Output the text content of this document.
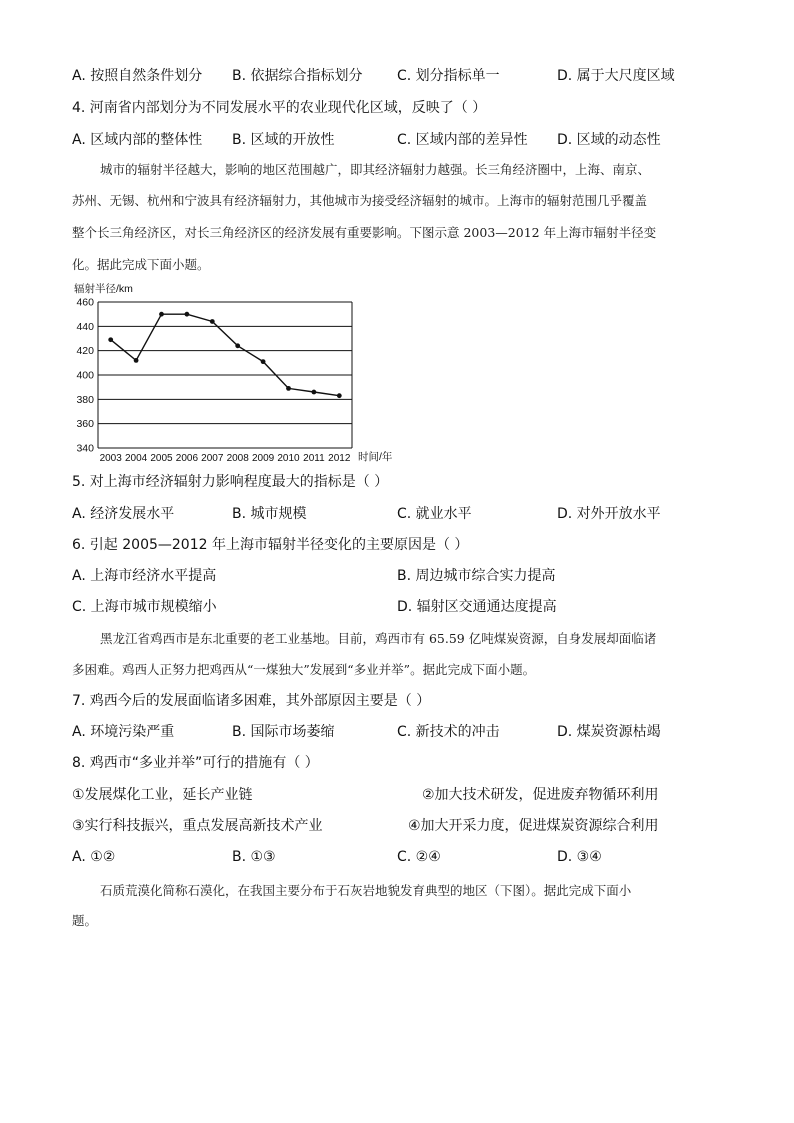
A. 按照自然条件划分 B. 依据综合指标划分 C. 划分指标单一	D. 属于大尺度区域
4. 河南省内部划分为不同发展水平的农业现代化区域，反映了（ ）
A. 区域内部的整体性 B. 区域的开放性	C. 区域内部的差异性 D. 区域的动态性
城市的辐射半径越大，影响的地区范围越广，即其经济辐射力越强。长三角经济圈中，上海、南京、
苏州、无锡、杭州和宁波具有经济辐射力，其他城市为接受经济辐射的城市。上海市的辐射范围几乎覆盖
整个长三角经济区，对长三角经济区的经济发展有重要影响。下图示意 2003—2012 年上海市辐射半径变
化。据此完成下面小题。
辐射半径/km
时间/年
460
440
420
400
380
360
340
2003 2004 2005 2006 2007 2008 2009 2010 2011 2012
5. 对上海市经济辐射力影响程度最大的指标是（ ）
A. 经济发展水平	B. 城市规模	C. 就业水平	D. 对外开放水平
6. 引起 2005—2012 年上海市辐射半径变化的主要原因是（ ）
A. 上海市经济水平提高	B. 周边城市综合实力提高
C. 上海市城市规模缩小	D. 辐射区交通通达度提高
黑龙江省鸡西市是东北重要的老工业基地。目前，鸡西市有 65.59 亿吨煤炭资源，自身发展却面临诸
多困难。鸡西人正努力把鸡西从“一煤独大”发展到“多业并举”。据此完成下面小题。
7. 鸡西今后的发展面临诸多困难，其外部原因主要是（ ）
A. 环境污染严重	B. 国际市场萎缩	C. 新技术的冲击	D. 煤炭资源枯竭
8. 鸡西市“多业并举”可行的措施有（ ）
①发展煤化工业，延长产业链	②加大技术研发，促进废弃物循环利用
③实行科技振兴，重点发展高新技术产业	④加大开采力度，促进煤炭资源综合利用
A. ①②	B. ①③	C. ②④	D. ③④
石质荒漠化简称石漠化，在我国主要分布于石灰岩地貌发育典型的地区（下图）。据此完成下面小
题。
